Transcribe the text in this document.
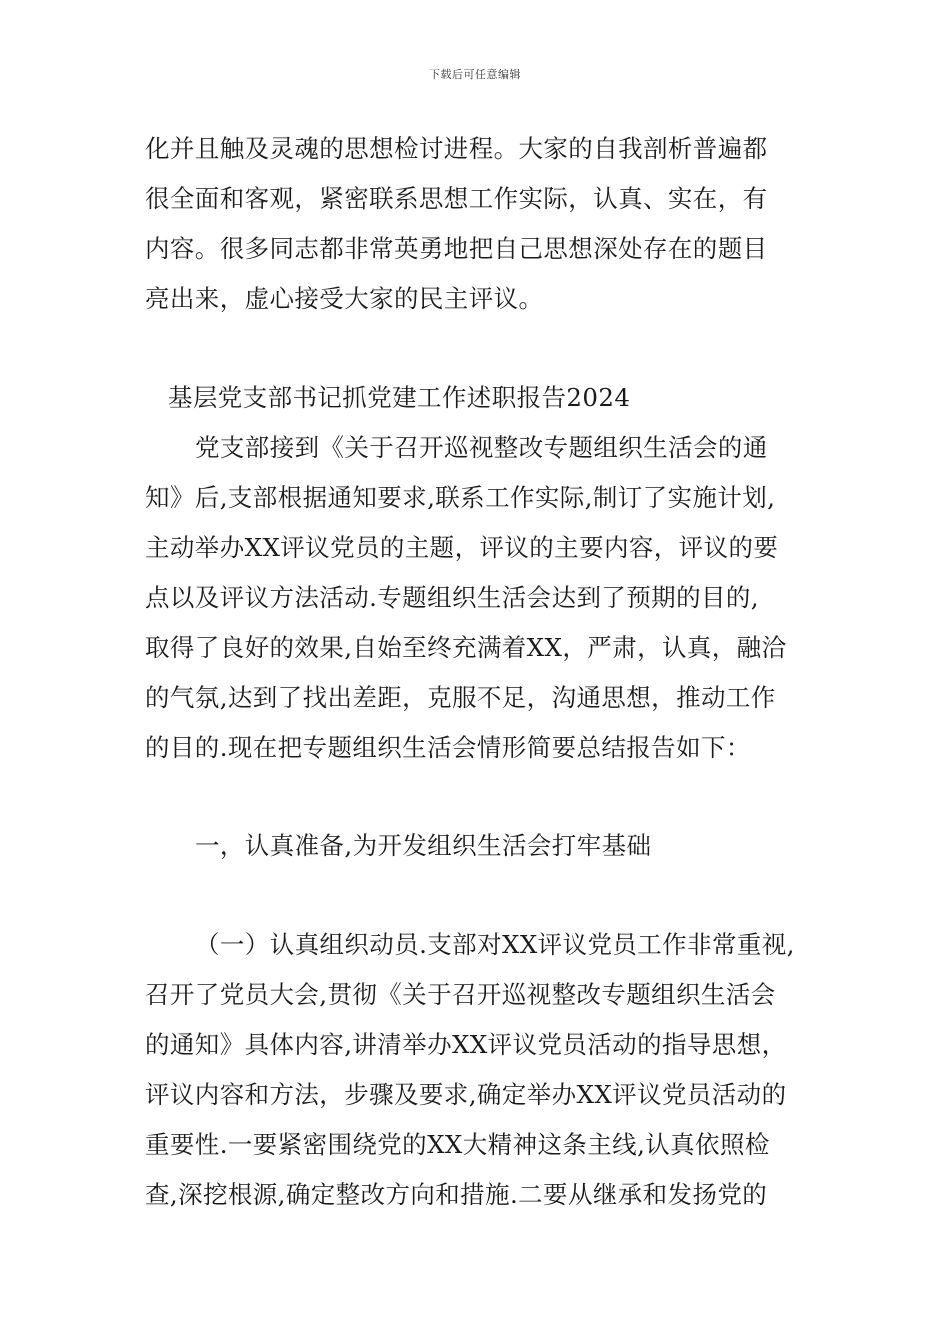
下载后可任意编辑
化并且触及灵魂的思想检讨进程。大家的自我剖析普遍都
很全面和客观，紧密联系思想工作实际，认真、实在，有
内容。很多同志都非常英勇地把自己思想深处存在的题目
亮出来，虚心接受大家的民主评议。
基层党支部书记抓党建工作述职报告2024
党支部接到《关于召开巡视整改专题组织生活会的通
知》后,支部根据通知要求,联系工作实际,制订了实施计划,
主动举办XX评议党员的主题，评议的主要内容，评议的要
点以及评议方法活动.专题组织生活会达到了预期的目的,
取得了良好的效果,自始至终充满着XX，严肃，认真，融洽
的气氛,达到了找出差距，克服不足，沟通思想，推动工作
的目的.现在把专题组织生活会情形简要总结报告如下：
一，认真准备,为开发组织生活会打牢基础
（一）认真组织动员.支部对XX评议党员工作非常重视,
召开了党员大会,贯彻《关于召开巡视整改专题组织生活会
的通知》具体内容,讲清举办XX评议党员活动的指导思想，
评议内容和方法，步骤及要求,确定举办XX评议党员活动的
重要性.一要紧密围绕党的XX大精神这条主线,认真依照检
查,深挖根源,确定整改方向和措施.二要从继承和发扬党的
